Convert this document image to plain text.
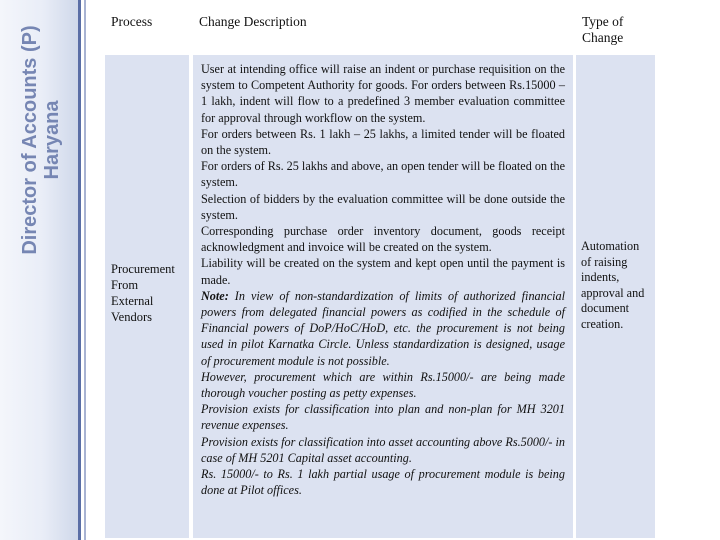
Director of Accounts (P) Haryana
Process	Change Description	Type of Change
Procurement
From
External
Vendors

User at intending office will raise an indent or purchase requisition on the system to Competent Authority for goods. For orders between Rs.15000 – 1 lakh, indent will flow to a predefined 3 member evaluation committee for approval through workflow on the system.

For orders between Rs. 1 lakh – 25 lakhs, a limited tender will be floated on the system.

For orders of Rs. 25 lakhs and above, an open tender will be floated on the system.

Selection of bidders by the evaluation committee will be done outside the system.

Corresponding purchase order inventory document, goods receipt acknowledgment and invoice will be created on the system.

Liability will be created on the system and kept open until the payment is made.

Note: In view of non-standardization of limits of authorized financial powers from delegated financial powers as codified in the schedule of Financial powers of DoP/HoC/HoD, etc. the procurement is not being used in pilot Karnatka Circle. Unless standardization is designed, usage of procurement module is not possible.

However, procurement which are within Rs.15000/- are being made thorough voucher posting as petty expenses.

Provision exists for classification into plan and non-plan for MH 3201 revenue expenses.

Provision exists for classification into asset accounting above Rs.5000/- in case of MH 5201 Capital asset accounting.

Rs. 15000/- to Rs. 1 lakh partial usage of procurement module is being done at Pilot offices.

Automation
of raising
indents,
approval and
document
creation.
